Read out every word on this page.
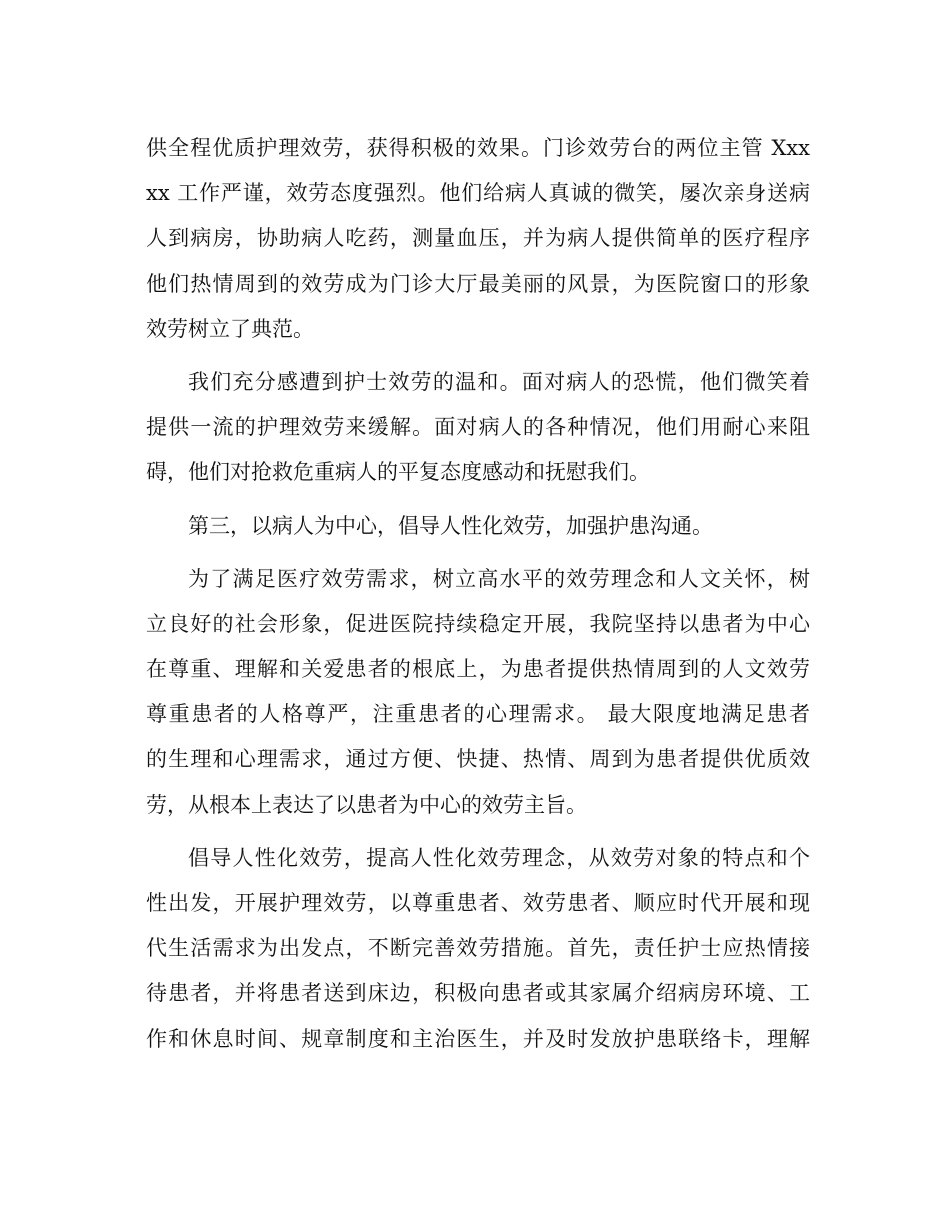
供全程优质护理效劳，获得积极的效果。门诊效劳台的两位主管 Xxx
xx 工作严谨，效劳态度强烈。他们给病人真诚的微笑，屡次亲身送病
人到病房，协助病人吃药，测量血压，并为病人提供简单的医疗程序
他们热情周到的效劳成为门诊大厅最美丽的风景，为医院窗口的形象
效劳树立了典范。
我们充分感遭到护士效劳的温和。面对病人的恐慌，他们微笑着
提供一流的护理效劳来缓解。面对病人的各种情况，他们用耐心来阻
碍，他们对抢救危重病人的平复态度感动和抚慰我们。
第三，以病人为中心，倡导人性化效劳，加强护患沟通。
为了满足医疗效劳需求，树立高水平的效劳理念和人文关怀，树
立良好的社会形象，促进医院持续稳定开展，我院坚持以患者为中心
在尊重、理解和关爱患者的根底上，为患者提供热情周到的人文效劳
尊重患者的人格尊严，注重患者的心理需求。 最大限度地满足患者
的生理和心理需求，通过方便、快捷、热情、周到为患者提供优质效
劳，从根本上表达了以患者为中心的效劳主旨。
倡导人性化效劳，提高人性化效劳理念，从效劳对象的特点和个
性出发，开展护理效劳，以尊重患者、效劳患者、顺应时代开展和现
代生活需求为出发点，不断完善效劳措施。首先，责任护士应热情接
待患者，并将患者送到床边，积极向患者或其家属介绍病房环境、工
作和休息时间、规章制度和主治医生，并及时发放护患联络卡，理解
